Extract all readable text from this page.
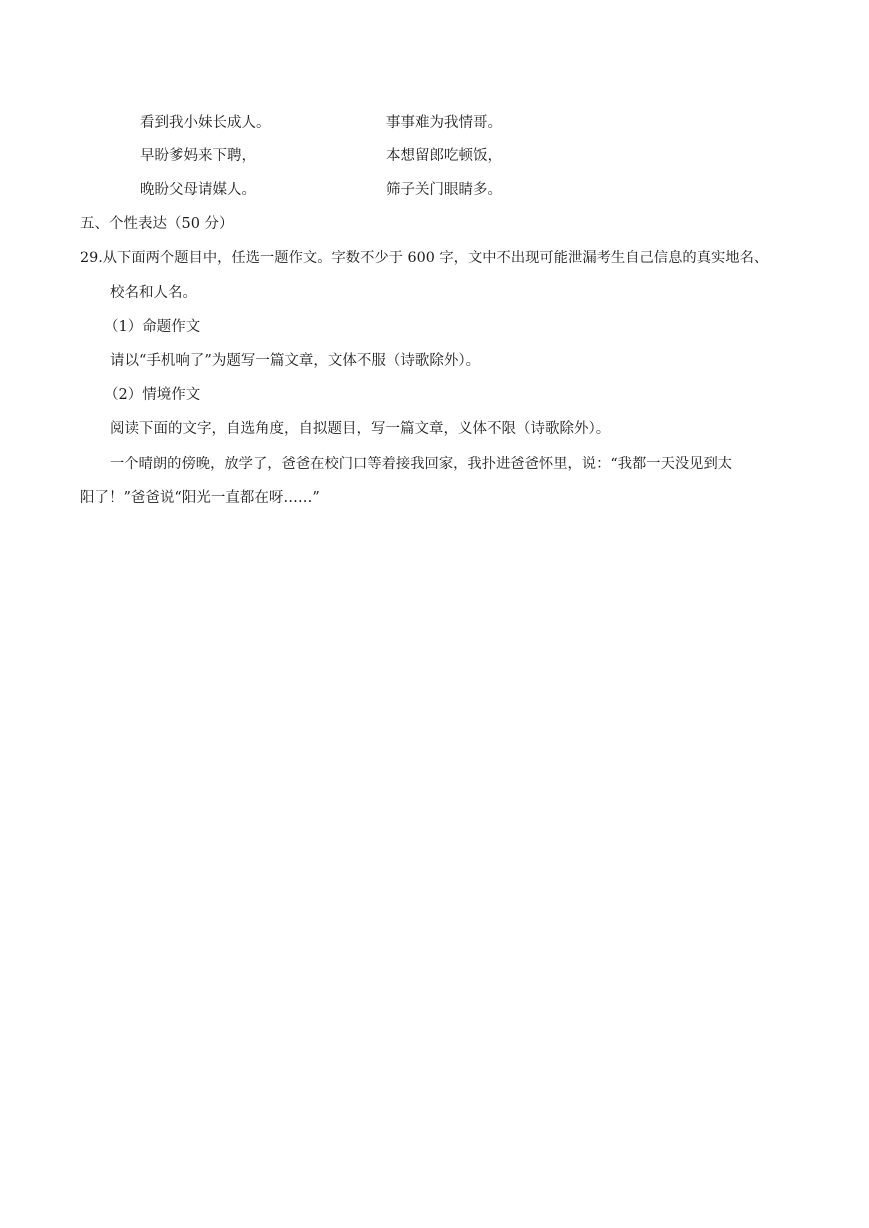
看到我小妹长成人。	事事难为我情哥。
早盼爹妈来下聘，	本想留郎吃顿饭，
晚盼父母请媒人。	筛子关门眼睛多。
五、个性表达（50 分）
29.从下面两个题目中，任选一题作文。字数不少于 600 字，文中不出现可能泄漏考生自己信息的真实地名、
校名和人名。
（1）命题作文
请以“手机响了”为题写一篇文章，文体不服（诗歌除外）。
（2）情境作文
阅读下面的文字，自选角度，自拟题目，写一篇文章，义体不限（诗歌除外）。
一个晴朗的傍晚，放学了，爸爸在校门口等着接我回家，我扑进爸爸怀里，说：“我都一天没见到太
阳了！”爸爸说“阳光一直都在呀……”
